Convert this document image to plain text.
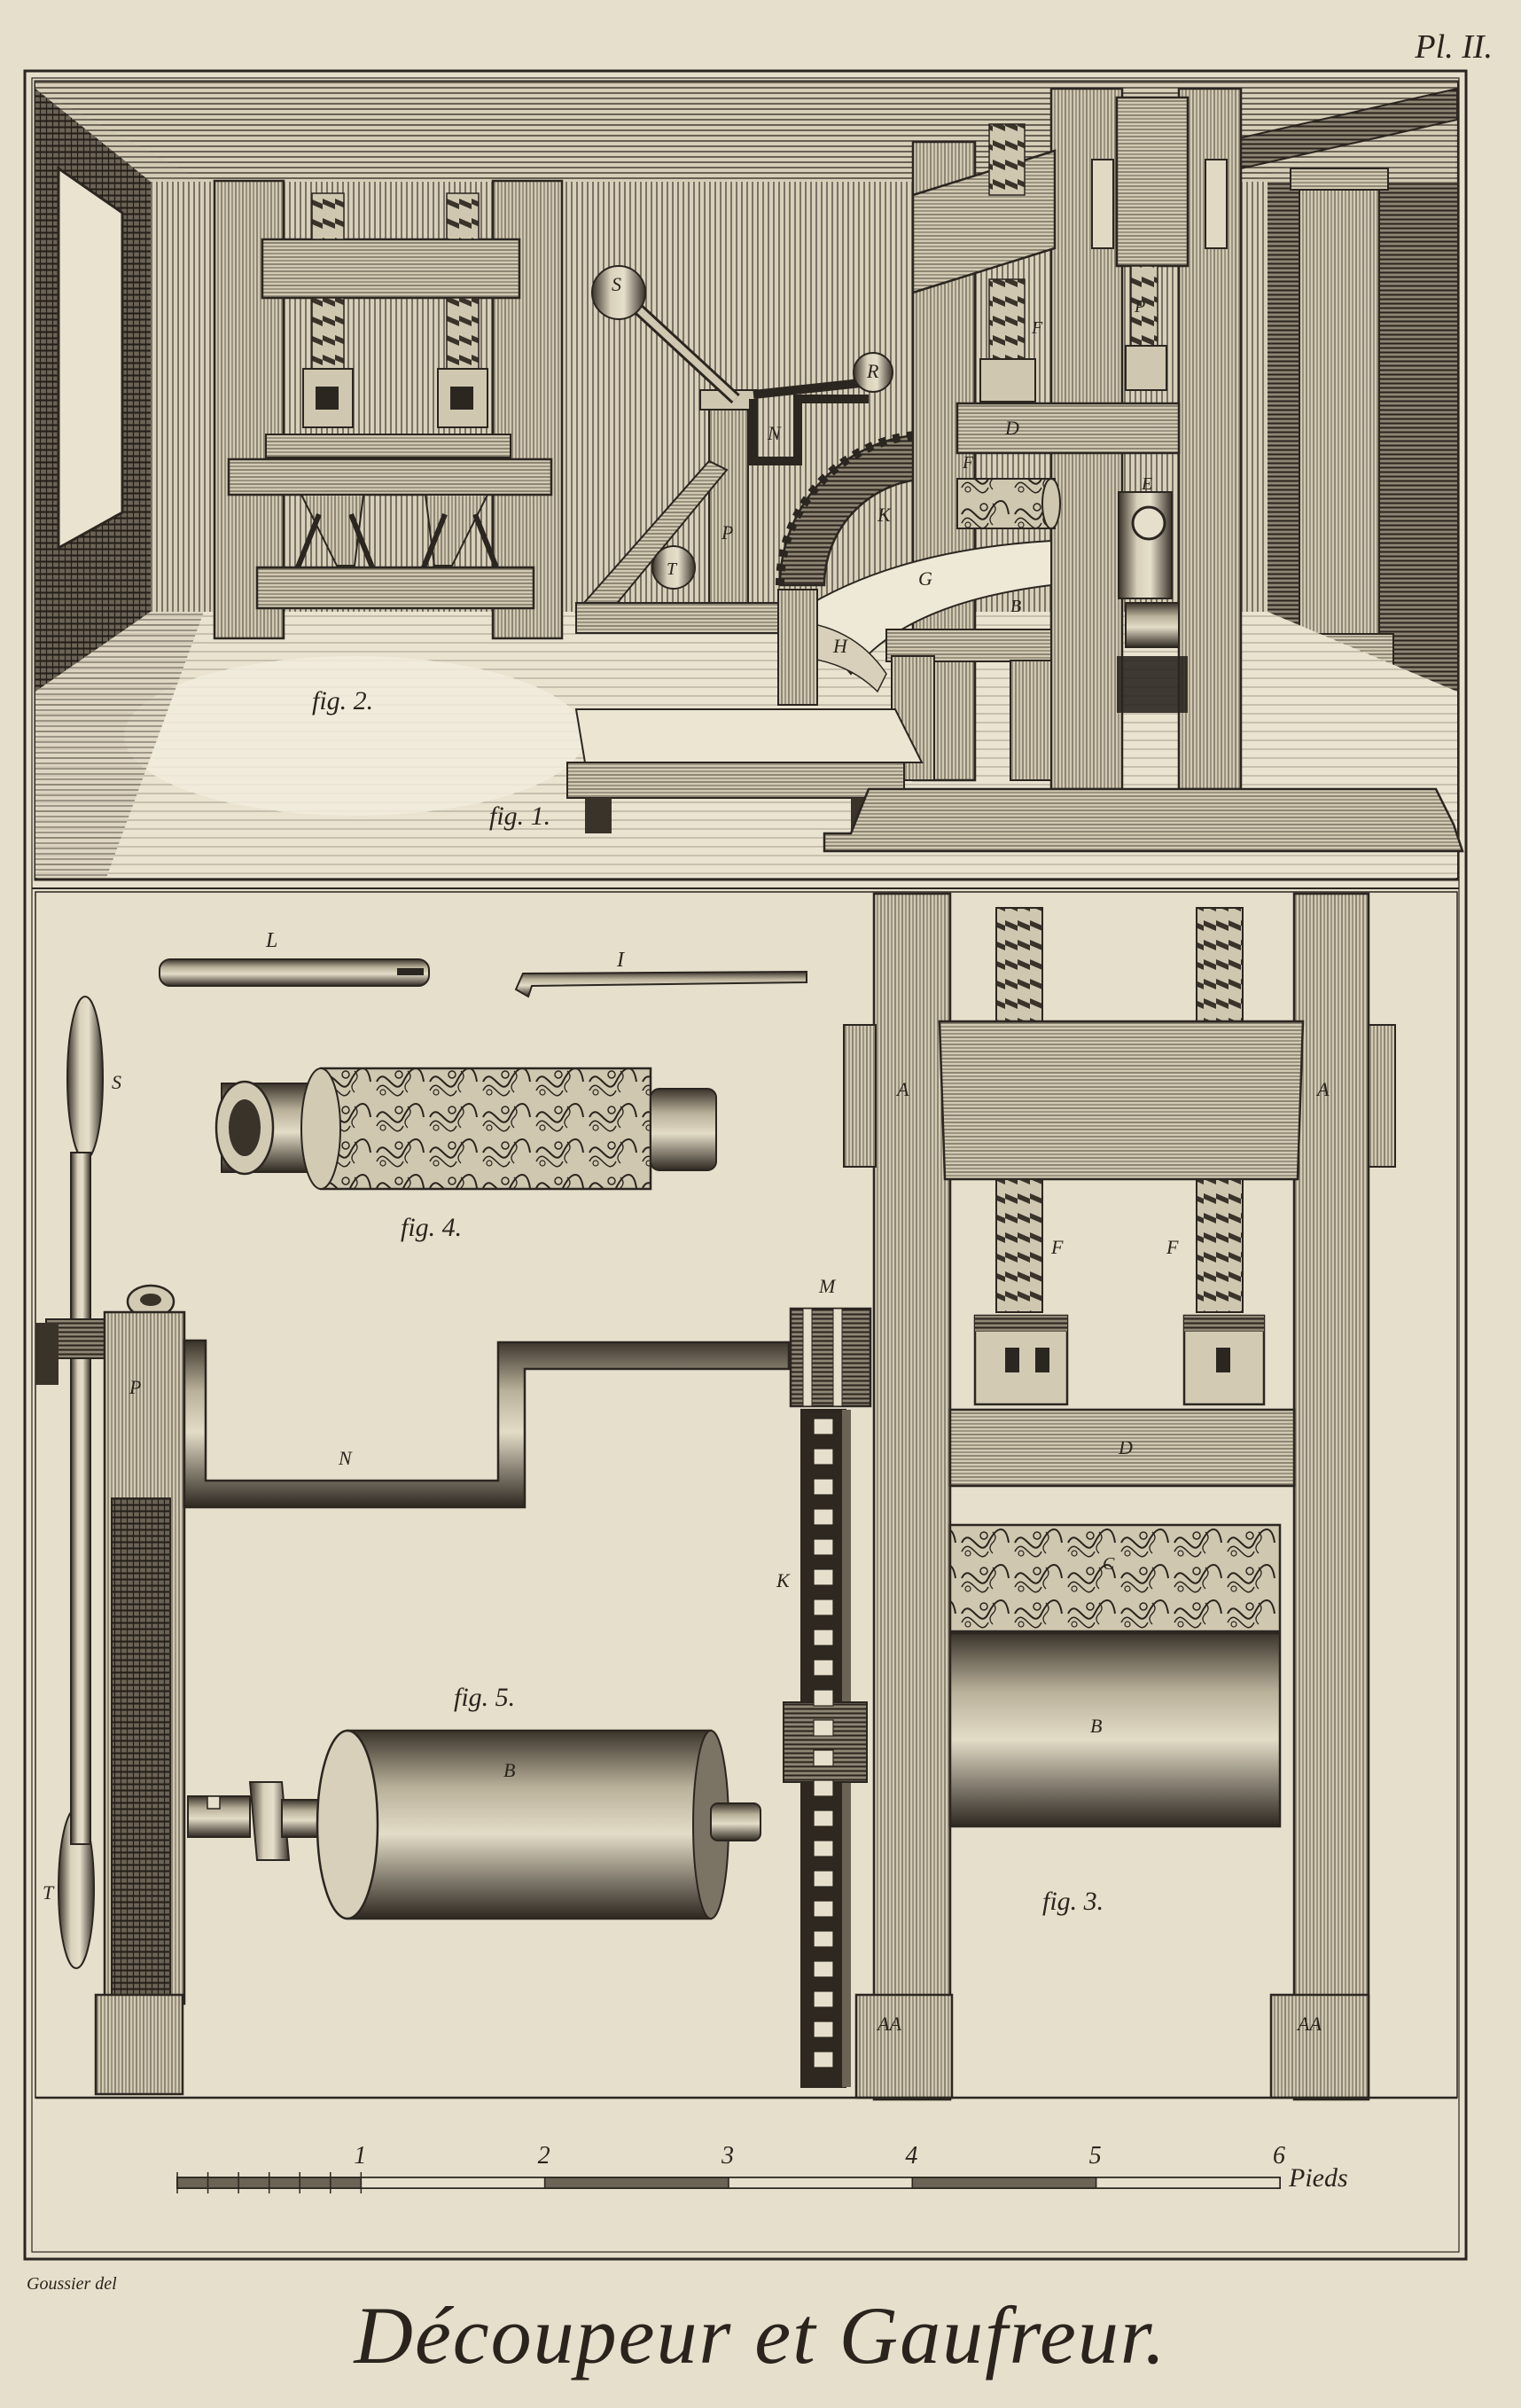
S
R
N
K
P
T	G
H
D
F
E
B
P
F
fig. 2.
fig. 1.
L
I
fig. 4.
S
T
P
N
M
K
B
fig. 5.
A	A
F	F
D
C
B
AA	AA
fig. 3.
1	2	3	4	5	6
Pl. II.
Pieds
Goussier del
Découpeur et Gaufreur.
